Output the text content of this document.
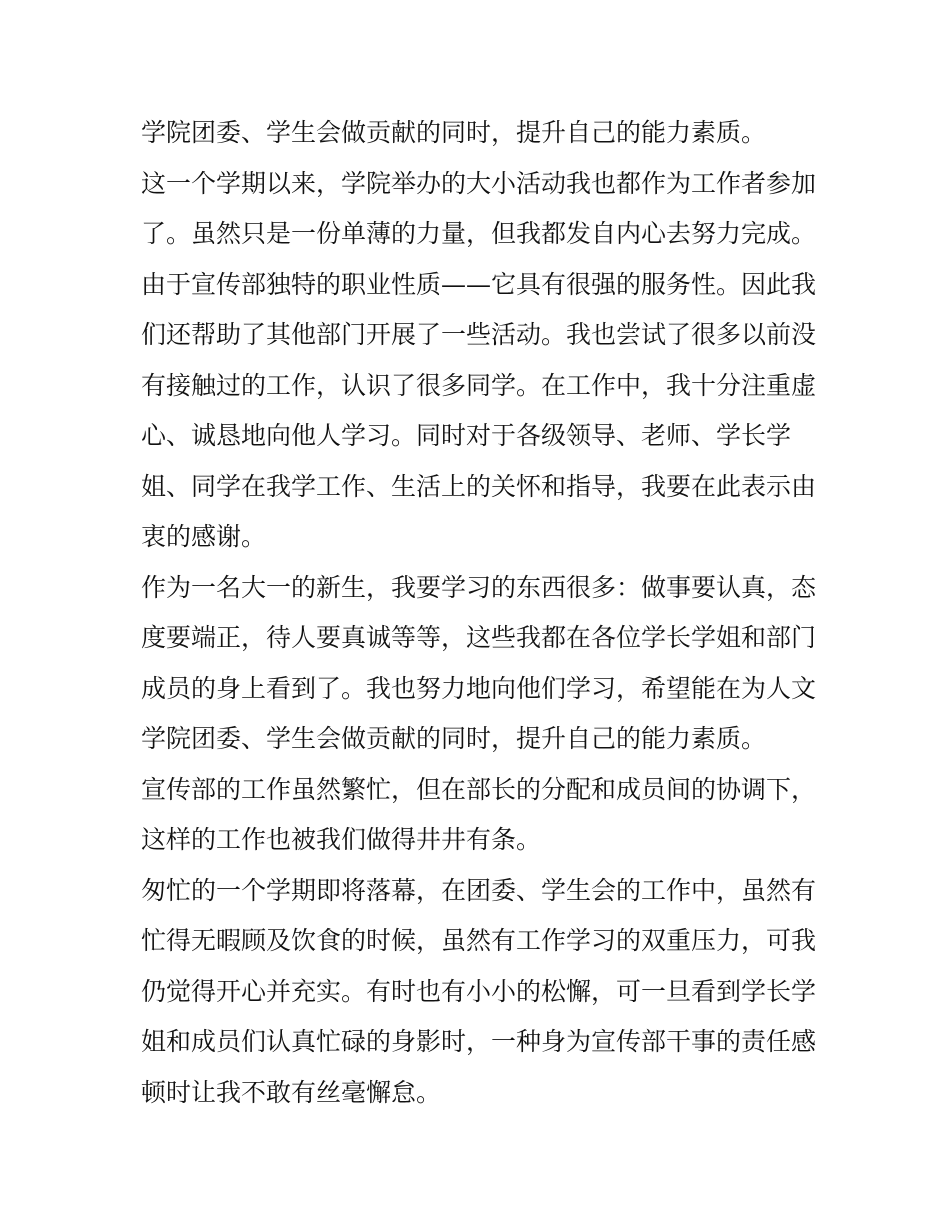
学院团委、学生会做贡献的同时，提升自己的能力素质。
这一个学期以来，学院举办的大小活动我也都作为工作者参加
了。虽然只是一份单薄的力量，但我都发自内心去努力完成。
由于宣传部独特的职业性质——它具有很强的服务性。因此我
们还帮助了其他部门开展了一些活动。我也尝试了很多以前没
有接触过的工作，认识了很多同学。在工作中，我十分注重虚
心、诚恳地向他人学习。同时对于各级领导、老师、学长学
姐、同学在我学工作、生活上的关怀和指导，我要在此表示由
衷的感谢。
作为一名大一的新生，我要学习的东西很多：做事要认真，态
度要端正，待人要真诚等等，这些我都在各位学长学姐和部门
成员的身上看到了。我也努力地向他们学习，希望能在为人文
学院团委、学生会做贡献的同时，提升自己的能力素质。
宣传部的工作虽然繁忙，但在部长的分配和成员间的协调下，
这样的工作也被我们做得井井有条。
匆忙的一个学期即将落幕，在团委、学生会的工作中，虽然有
忙得无暇顾及饮食的时候，虽然有工作学习的双重压力，可我
仍觉得开心并充实。有时也有小小的松懈，可一旦看到学长学
姐和成员们认真忙碌的身影时，一种身为宣传部干事的责任感
顿时让我不敢有丝毫懈怠。
